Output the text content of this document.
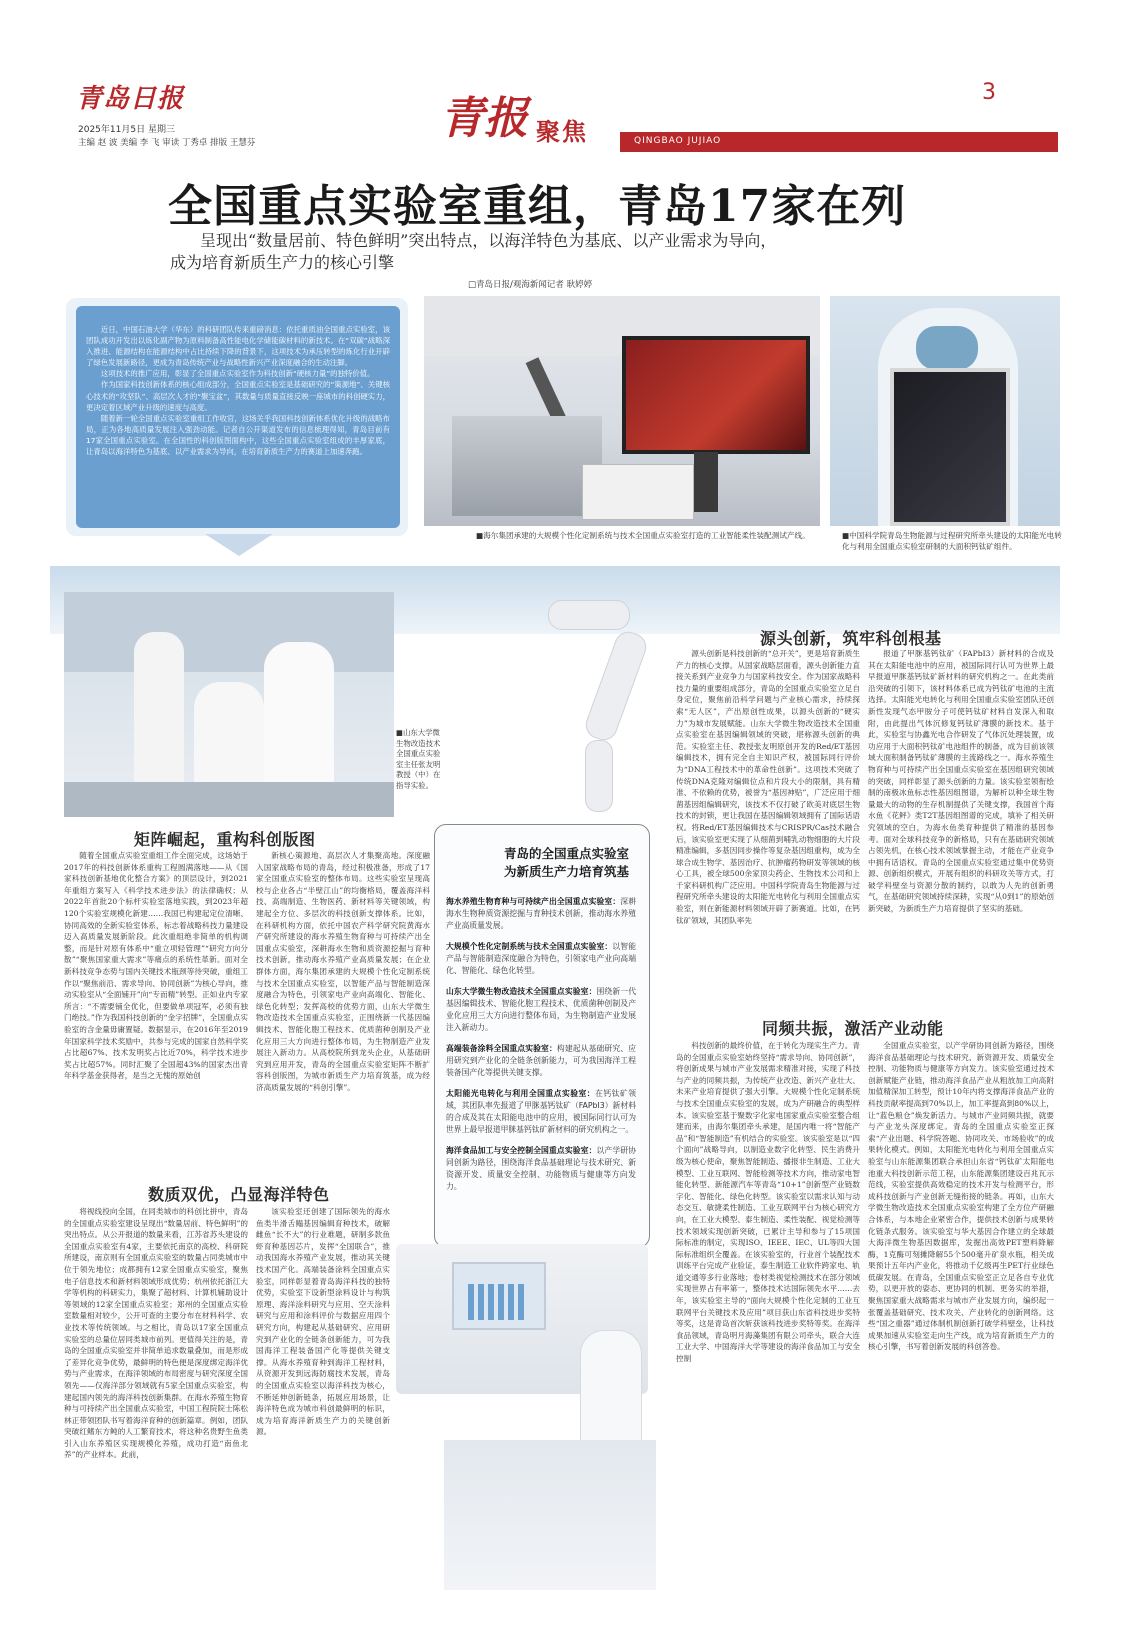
青岛日报
2025年11月5日 星期三
主编 赵 波 美编 李 飞 审读 丁秀卓 排版 王慧芬	青报 聚焦	QINGBAO JUJIAO
3
全国重点实验室重组，青岛17家在列
呈现出“数量居前、特色鲜明”突出特点，以海洋特色为基底、以产业需求为导向，
成为培育新质生产力的核心引擎
□青岛日报/观海新闻记者 耿婷婷

近日，中国石油大学（华东）的科研团队传来重磅消息：依托重质油全国重点实验室，该团队成功开发出以炼化副产物为原料制备高性能电化学储能碳材料的新技术。在“双碳”战略深入推进、能源结构在能源结构中占比持续下降的背景下，这项技术为承压转型的炼化行业开辟了绿色发展新路径，更成为青岛传统产业与战略性新兴产业深度融合的生动注脚。

这项技术的推广应用，彰显了全国重点实验室作为科技创新“硬核力量”的独特价值。

作为国家科技创新体系的核心组成部分，全国重点实验室是基础研究的“策源地”、关键核心技术的“攻坚队”、高层次人才的“聚宝盆”，其数量与质量直接反映一座城市的科创硬实力，更决定着区域产业升级的速度与高度。

随着新一轮全国重点实验室重组工作收官，这场关乎我国科技创新体系优化升级的战略布局，正为各地高质量发展注入强劲动能。记者自公开渠道发布的信息梳理得知，青岛目前有17家全国重点实验室。在全国性的科创版图面构中，这些全国重点实验室组成的丰厚家底，让青岛以海洋特色为基底、以产业需求为导向，在培育新质生产力的赛道上加速奔跑。

■海尔集团承建的大规模个性化定制系统与技术全国重点实验室打造的工业智能柔性装配测试产线。	■中国科学院青岛生物能源与过程研究所牵头建设的太阳能光电转化与利用全国重点实验室研制的大面积钙钛矿组件。
■山东大学微生物改造技术全国重点实验室主任张友明教授（中）在指导实验。
矩阵崛起，重构科创版图
随着全国重点实验室重组工作全面完成，这场始于2017年的科技创新体系重构工程圆满落地——从《国家科技创新基地优化整合方案》的顶层设计，到2021年重组方案写入《科学技术进步法》的法律确权；从2022年首批20个标杆实验室落地实践，到2023年超120个实验室规模化新建……我国已构建起定位清晰、协同高效的全新实验室体系，标志着战略科技力量建设迈入高质量发展新阶段。此次重组绝非简单的机构调整，而是针对原有体系中“重立项轻管理”“研究方向分散”“聚焦国家重大需求”等痛点的系统性革新。面对全新科技竞争态势与国内关键技术瓶颈等待突破，重组工作以“聚焦前沿、需求导向、协同创新”为核心导向，推动实验室从“全面铺开”向“专而精”转型。正如业内专家所言：“不需要铺全优化，但要做单项冠军，必须有独门绝技。”作为我国科技创新的“金字招牌”，全国重点实验室的含金量毋庸置疑。数据显示，在2016年至2019年国家科学技术奖励中，共参与完成的国家自然科学奖占比超67%、技术发明奖占比近70%，科学技术进步奖占比超57%。同时汇聚了全国超43%的国家杰出青年科学基金获得者，是当之无愧的原始创
新核心策源地、高层次人才集聚高地。深度融入国家战略布局的青岛，经过积极准备，形成了17家全国重点实验室的整体布局。这些实验室呈现高校与企业各占“半壁江山”的均衡格局，覆盖海洋科技、高端制造、生物医药、新材料等关键领域，构建起全方位、多层次的科技创新支撑体系。比如，在科研机构方面，依托中国农产科学研究院黄海水产研究所建设的海水养殖生物育种与可持续产出全国重点实验室，深耕海水生物和质资源挖掘与育种技术创新，推动海水养殖产业高质量发展；在企业群体方面，海尔集团承建的大规模个性化定制系统与技术全国重点实验室，以智能产品与智能制造深度融合为特色，引领家电产业向高端化、智能化、绿色化转型；发挥高校的优势方面，山东大学微生物改造技术全国重点实验室，正围绕新一代基因编辑技术、智能化胞工程技术、优质菌种创制及产业化应用三大方向进行整体布局，为生物制造产业发展注入新动力。从高校院所到龙头企业，从基础研究到应用开发，青岛的全国重点实验室矩阵不断扩容科创版图，为城市新质生产力培育筑基，成为经济高质量发展的“科创引擎”。
数质双优，凸显海洋特色
将视线投向全国，在同类城市的科创比拼中，青岛的全国重点实验室建设呈现出“数量居前、特色鲜明”的突出特点。从公开报道的数量来看，江苏省苏头建设的全国重点实验室有4家，主要依托南京的高校、科研院所建设，南京则有全国重点实验室的数量占同类城市中位于领先地位；成都拥有12家全国重点实验室，聚焦电子信息技术和新材料领域形成优势；杭州依托浙江大学等机构的科研实力，集聚了超材料、计算机辅助设计等领域的12家全国重点实验室；郑州的全国重点实验室数量相对较少，公开可查的主要分布在材料科学、农业技术等传统领域。与之相比，青岛以17家全国重点实验室的总量位居同类城市前列。更值得关注的是，青岛的全国重点实验室并非简单追求数量叠加，而是形成了差异化竞争优势，最鲜明的特色便是深度绑定海洋优势与产业需求，在海洋领域的布局密度与研究深度全国领先——仅海洋部分领域就有5家全国重点实验室，构建起国内领先的海洋科技创新集群。在海水养殖生物育种与可持续产出全国重点实验室，中国工程院院士陈松林正带领团队书写着海洋育种的创新篇章。例如，团队突破红鳍东方鲀的人工繁育技术，将这种名贵野生鱼类引入山东养殖区实现规模化养殖，成功打造“南鱼北养”的产业样本。此前，
该实验室还创建了国际领先的海水鱼类半滑舌鳎基因编辑育种技术，破解雌鱼“长不大”的行业难题，研制多款鱼虾育种基因芯片，发挥“全国联合”，推动我国海水养殖产业发展，推动其关键技术国产化。高端装备涂料全国重点实验室，同样彰显着青岛海洋科技的独特优势，实验室下设新型涂料设计与构筑原理、海洋涂料研究与应用、空天涂料研究与应用和涂料评价与数据应用四个研究方向，构建起从基础研究、应用研究到产业化的全链条创新能力，可为我国海洋工程装备国产化等提供关键支撑。从海水养殖育种到海洋工程材料，从资源开发到远海防腐技术发展，青岛的全国重点实验室以海洋科技为核心，不断延伸创新链条，拓展应用场景，让海洋特色成为城市科创最鲜明的标识，成为培育海洋新质生产力的关键创新源。
青岛的全国重点实验室
为新质生产力培育筑基
海水养殖生物育种与可持续产出全国重点实验室：深耕海水生物种质资源挖掘与育种技术创新，推动海水养殖产业高质量发展。
大规模个性化定制系统与技术全国重点实验室：以智能产品与智能制造深度融合为特色，引领家电产业向高端化、智能化、绿色化转型。
山东大学微生物改造技术全国重点实验室：围绕新一代基因编辑技术、智能化胞工程技术、优质菌种创制及产业化应用三大方向进行整体布局，为生物制造产业发展注入新动力。
高端装备涂料全国重点实验室：构建起从基础研究、应用研究到产业化的全链条创新能力，可为我国海洋工程装备国产化等提供关键支撑。
太阳能光电转化与利用全国重点实验室：在钙钛矿领域，其团队率先报道了甲脒基钙钛矿（FAPbI3）新材料的合成及其在太阳能电池中的应用，被国际同行认可为世界上最早报道甲脒基钙钛矿新材料的研究机构之一。
海洋食品加工与安全控制全国重点实验室：以产学研协同创新为路径，围绕海洋食品基础理论与技术研究、新资源开发、质量安全控制、功能物质与健康等方向发力。
源头创新，筑牢科创根基
源头创新是科技创新的“总开关”，更是培育新质生产力的核心支撑。从国家战略层面看，源头创新能力直接关系到产业竞争力与国家科技安全。作为国家战略科技力量的重要组成部分，青岛的全国重点实验室立足自身定位，聚焦前沿科学问题与产业核心需求，持续探索“无人区”，产出原创性成果，以源头创新的“硬实力”为城市发展赋能。山东大学微生物改造技术全国重点实验室在基因编辑领域的突破，堪称源头创新的典范。实验室主任、教授张友明原创开发的Red/ET基因编辑技术，拥有完全自主知识产权，被国际同行评价为“DNA工程技术中的革命性创新”。这项技术突破了传统DNA克隆对编辑位点和片段大小的限制，具有精准、不依赖的优势，被誉为“基因神贴”，广泛应用于细菌基因组编辑研究，该技术不仅打破了欧美对底层生物技术的封锁，更让我国在基因编辑领域拥有了国际话语权。将Red/ET基因编辑技术与CRISPR/Cas技术融合后，该实验室更实现了从细菌到哺乳动物细胞的大片段精准编辑，多基因同步操作等复杂基因组重构，成为全球合成生物学、基因治疗、抗肿瘤药物研发等领域的核心工具，被全球500余家顶尖药企、生物技术公司和上千家科研机构广泛应用。中国科学院青岛生物能源与过程研究所牵头建设的太阳能光电转化与利用全国重点实验室，则在新能源材料领域开辟了新赛道。比如，在钙钛矿领域，其团队率先
报道了甲脒基钙钛矿（FAPbI3）新材料的合成及其在太阳能电池中的应用，被国际同行认可为世界上最早报道甲脒基钙钛矿新材料的研究机构之一。在此类前沿突破的引领下，该材料体系已成为钙钛矿电池的主流选择。太阳能光电转化与利用全国重点实验室团队还创新性发现气态甲胺分子可使钙钛矿材料自发深入和取附，由此提出气体沉修复钙钛矿薄膜的新技术。基于此，实验室与协鑫光电合作研发了气体沉处理装置，成功应用于大面积钙钛矿电池组件的制备，成为目前该领域大面积制备钙钛矿薄膜的主流路线之一。海水养殖生物育种与可持续产出全国重点实验室在基因组研究领域的突破，同样彰显了源头创新的力量。该实验室领衔绘制的南极冰鱼标志性基因组图谱，为解析以种全球生物量最大的动物的生存机制提供了关键支撑，我国首个海水鱼《花鲆》类T2T基因组图谱的完成，填补了相关研究领域的空白，为海水鱼类育种提供了精准的基因参考。面对全球科技竞争的新格局，只有在基础研究领域占领先机，在核心技术领域掌握主动，才能在产业竞争中拥有话语权。青岛的全国重点实验室通过集中优势资源、创新组织模式，开展有组织的科研攻关等方式，打破学科壁垒与资源分散的制约，以敢为人先的创新勇气，在基础研究领域持续深耕，实现“从0到1”的原始创新突破，为新质生产力培育提供了坚实的基础。
同频共振，激活产业动能
科技创新的最终价值，在于转化为现实生产力。青岛的全国重点实验室始终坚持“需求导向、协同创新”，将创新成果与城市产业发展需求精准对接，实现了科技与产业的同频共振，为传统产业改造、新兴产业壮大、未来产业培育提供了强大引擎。大规模个性化定制系统与技术全国重点实验室的发展，成为产研融合的典型样本。该实验室基于聚数字化家电国家重点实验室整合组建而来，由海尔集团牵头承建，是国内唯一将“智能产品”和“智能制造”有机结合的实验室。该实验室是以“四个面向”战略导向，以制造业数字化转型、民生消费升级为核心使命，聚焦智能制造、播报非生制造、工业大模型、工业互联网、智能检测等技术方向，推动家电智能化转型、新能源汽车等青岛“10+1”创新型产业链数字化、智能化、绿色化转型。该实验室以需求认知与动态交互、敏捷柔性制造、工业互联网平台为核心研究方向，在工业大模型、泰生制造、柔性装配、视觉检测等技术领域实现创新突破，已累计主导和参与了15项国际标准的制定，实现ISO、IEEE、IEC、UL等四大国际标准组织全覆盖。在该实验室的，行业首个装配技术训练平台完成产业验证，泰生制造工业软件跨家电、轨道交通等多行业落地；卷材类视觉检测技术在部分领域实现世界占有率第一，整体技术达国际领先水平……去年，该实验室主导的“面向大规模个性化定制的工业互联网平台关键技术及应用”项目获山东省科技进步奖特等奖，这是青岛首次斩获该科技进步奖特等奖。在海洋食品领域，青岛明月海藻集团有限公司牵头，联合大连工业大学、中国海洋大学等建设的海洋食品加工与安全控制
全国重点实验室，以产学研协同创新为路径，围绕海洋食品基础理论与技术研究、新资源开发、质量安全控制、功能物质与健康等方向发力。该实验室通过技术创新赋能产业链，推动海洋食品产业从粗放加工向高附加值精深加工转型，预计10年内将支撑海洋食品产业的科技贡献率提高到70%以上，加工率提高到80%以上，让“蓝色粮仓”焕发新活力。与城市产业同频共振，就要与产业龙头深度绑定。青岛的全国重点实验室正探索“产业出题、科学院答题、协同攻关、市场验收”的成果转化模式。例如，太阳能光电转化与利用全国重点实验室与山东能源集团联合承担山东省“钙钛矿太阳能电池重大科技创新示范工程，山东能源集团建设百兆瓦示范线，实验室提供高效稳定的技术开发与检测平台，形成科技创新与产业创新无缝衔接的链条。再如，山东大学微生物改造技术全国重点实验室构建了全方位产研融合体系，与本地企业紧密合作，提供技术创新与成果转化链条式服务。该实验室与华大基因合作建立的全球最大海洋微生物基因数据库，发掘出高效PET塑料降解酶，1克酶可刻摊降解55个500毫升矿泉水瓶，相关成果预计五年内产业化，将推动千亿级再生PET行业绿色低碳发展。在青岛，全国重点实验室正立足各自专业优势，以更开放的姿态、更协同的机制、更务实的举措，聚焦国家重大战略需求与城市产业发展方向，编织起一张覆盖基础研究、技术攻关、产业转化的创新网络。这些“国之重器”通过体制机制创新打破学科壁垒，让科技成果加速从实验室走向生产线，成为培育新质生产力的核心引擎，书写着创新发展的科创答卷。
